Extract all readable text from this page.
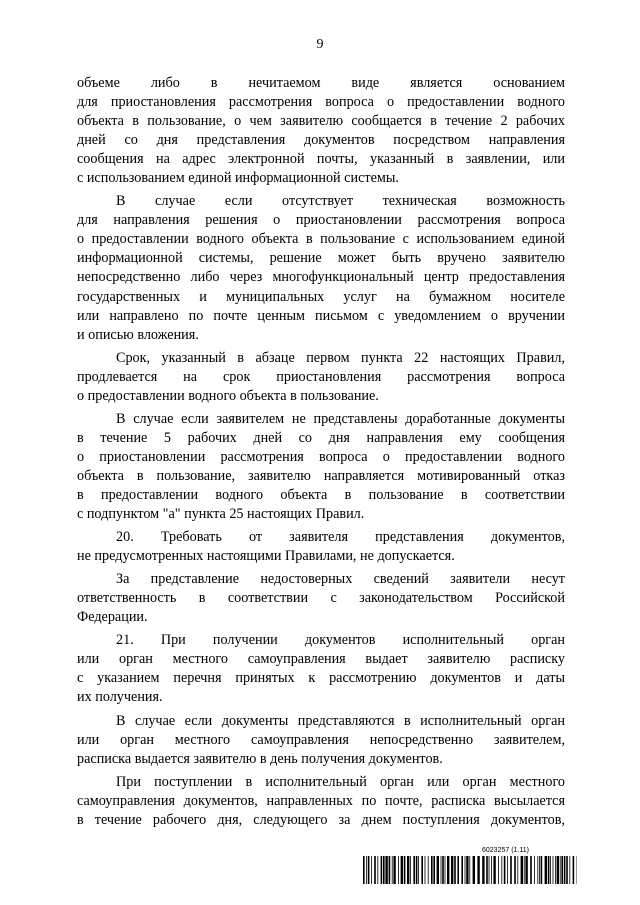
9
объеме либо в нечитаемом виде является основанием
для приостановления рассмотрения вопроса о предоставлении водного
объекта в пользование, о чем заявителю сообщается в течение 2 рабочих
дней со дня представления документов посредством направления
сообщения на адрес электронной почты, указанный в заявлении, или
с использованием единой информационной системы.
В случае если отсутствует техническая возможность
для направления решения о приостановлении рассмотрения вопроса
о предоставлении водного объекта в пользование с использованием единой
информационной системы, решение может быть вручено заявителю
непосредственно либо через многофункциональный центр предоставления
государственных и муниципальных услуг на бумажном носителе
или направлено по почте ценным письмом с уведомлением о вручении
и описью вложения.
Срок, указанный в абзаце первом пункта 22 настоящих Правил,
продлевается на срок приостановления рассмотрения вопроса
о предоставлении водного объекта в пользование.
В случае если заявителем не представлены доработанные документы
в течение 5 рабочих дней со дня направления ему сообщения
о приостановлении рассмотрения вопроса о предоставлении водного
объекта в пользование, заявителю направляется мотивированный отказ
в предоставлении водного объекта в пользование в соответствии
с подпунктом "а" пункта 25 настоящих Правил.
20. Требовать от заявителя представления документов,
не предусмотренных настоящими Правилами, не допускается.
За представление недостоверных сведений заявители несут
ответственность в соответствии с законодательством Российской
Федерации.
21. При получении документов исполнительный орган
или орган местного самоуправления выдает заявителю расписку
с указанием перечня принятых к рассмотрению документов и даты
их получения.
В случае если документы представляются в исполнительный орган
или орган местного самоуправления непосредственно заявителем,
расписка выдается заявителю в день получения документов.
При поступлении в исполнительный орган или орган местного
самоуправления документов, направленных по почте, расписка высылается
в течение рабочего дня, следующего за днем поступления документов,
6023257 (1.11)
